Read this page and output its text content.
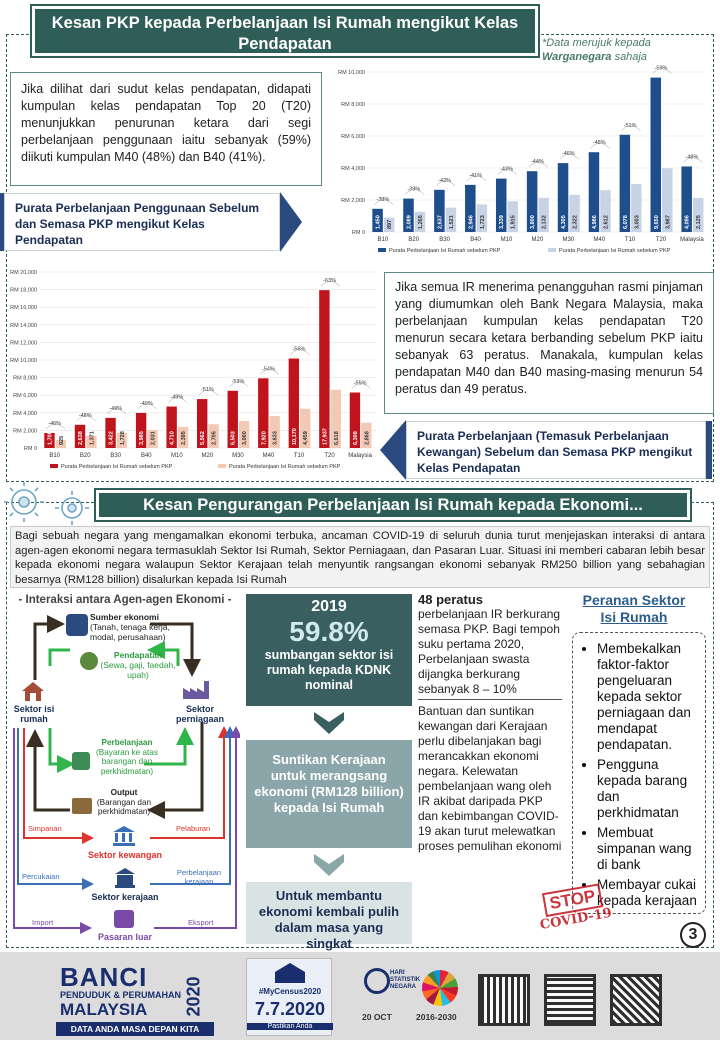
Kesan PKP kepada Perbelanjaan Isi Rumah mengikut Kelas Pendapatan	*Data merujuk kepada
Warganegara sahaja
Jika dilihat dari sudut kelas pendapatan, didapati kumpulan kelas pendapatan Top 20 (T20) menunjukkan penurunan ketara dari segi perbelanjaan penggunaan iaitu sebanyak (59%) diikuti kumpulan M40 (48%) dan B40 (41%).
Purata Perbelanjaan Penggunaan Sebelum dan Semasa PKP mengikut Kelas Pendapatan	RM 0
RM 2,000
RM 4,000
RM 6,000
RM 8,000
RM 10,000
1,450 897
-38%
B10
2,089 1,265
-39%
B20
2,637 1,521
-42%
B30
2,946 1,723
-41%
B40
3,339 1,915
-43%
M10
3,800 2,132
-44%
M20
4,305 2,322
-46%
M30
4,986 2,612
-48%
M40
6,078 3,003
-51%
T10
9,650 3,987
-59%
T20
4,096 2,125
-48%
Malaysia
Purata Perbelanjaan Isi Rumah sebelum PKP	Purata Perbelanjaan Isi Rumah sebelum PKP
RM 0
RM 2,000
RM 4,000
RM 6,000
RM 8,000
RM 10,000
RM 12,000
RM 14,000
RM 16,000
RM 18,000
RM 20,000
1,705 925
-46%
B10
2,638 1,371
-48%
B20
3,422 1,728
-49%
B30
3,985 2,031
-49%
B40
4,710 2,395
-49%
M10
5,562 2,705
-51%
M20
6,503 3,060
-53%
M30
7,920 3,633
-54%
M40
10,170 4,459
-56%
T10
17,937 6,618
-63%
T20
6,308 2,868
-55%
Malaysia
Purata Perbelanjaan Isi Rumah sebelum PKP	Purata Perbelanjaan Isi Rumah sebelum PKP
Jika semua IR menerima penangguhan rasmi pinjaman yang diumumkan oleh Bank Negara Malaysia, maka perbelanjaan kumpulan kelas pendapatan T20 menurun secara ketara berbanding sebelum PKP iaitu sebanyak 63 peratus. Manakala, kumpulan kelas pendapatan M40 dan B40 masing-masing menurun 54 peratus dan 49 peratus.
Purata Perbelanjaan (Temasuk Perbelanjaan Kewangan) Sebelum dan Semasa PKP mengikut Kelas Pendapatan
Kesan Pengurangan Perbelanjaan Isi Rumah kepada Ekonomi...
Bagi sebuah negara yang mengamalkan ekonomi terbuka, ancaman COVID-19 di seluruh dunia turut menjejaskan interaksi di antara agen-agen ekonomi negara termasuklah Sektor Isi Rumah, Sektor Perniagaan, dan Pasaran Luar. Situasi ini memberi cabaran lebih besar kepada ekonomi negara walaupun Sektor Kerajaan telah menyuntik rangsangan ekonomi sebanyak RM250 billion yang sebahagian besarnya (RM128 billion) disalurkan kepada Isi Rumah
- Interaksi antara Agen-agen Ekonomi -
Sumber ekonomi
(Tanah, tenaga kerja, modal, perusahaan)
Pendapatan
(Sewa, gaji, faedah, upah)
Sektor isi rumah
Sektor perniagaan
Perbelanjaan
(Bayaran ke atas barangan dan perkhidmatan)
Output
(Barangan dan perkhidmatan)
Simpanan	Pelaburan
Sektor kewangan
Percukaian	Perbelanjaan kerajaan
Sektor kerajaan
Import	Eksport
Pasaran luar
2019
59.8%
sumbangan sektor isi rumah kepada KDNK nominal
Suntikan Kerajaan untuk merangsang ekonomi (RM128 billion) kepada Isi Rumah
Untuk membantu ekonomi kembali pulih dalam masa yang singkat
48 peratus
perbelanjaan IR berkurang semasa PKP. Bagi tempoh suku pertama 2020, Perbelanjaan swasta dijangka berkurang sebanyak 8 – 10%
Bantuan dan suntikan kewangan dari Kerajaan perlu dibelanjakan bagi merancakkan ekonomi negara. Kelewatan pembelanjaan wang oleh IR akibat daripada PKP dan kebimbangan COVID-19 akan turut melewatkan proses pemulihan ekonomi
Peranan Sektor Isi Rumah
• Membekalkan faktor-faktor pengeluaran kepada sektor perniagaan dan mendapat pendapatan.
• Pengguna kepada barang dan perkhidmatan
• Membuat simpanan wang di bank
• Membayar cukai kepada kerajaan
STOP
COVID-19
3
BANCI
PENDUDUK & PERUMAHAN
MALAYSIA 2020
DATA ANDA MASA DEPAN KITA
#MyCensus2020
7.7.2020
Pastikan Anda
HARI
STATISTIK
NEGARA
20 OCT	2016-2030
